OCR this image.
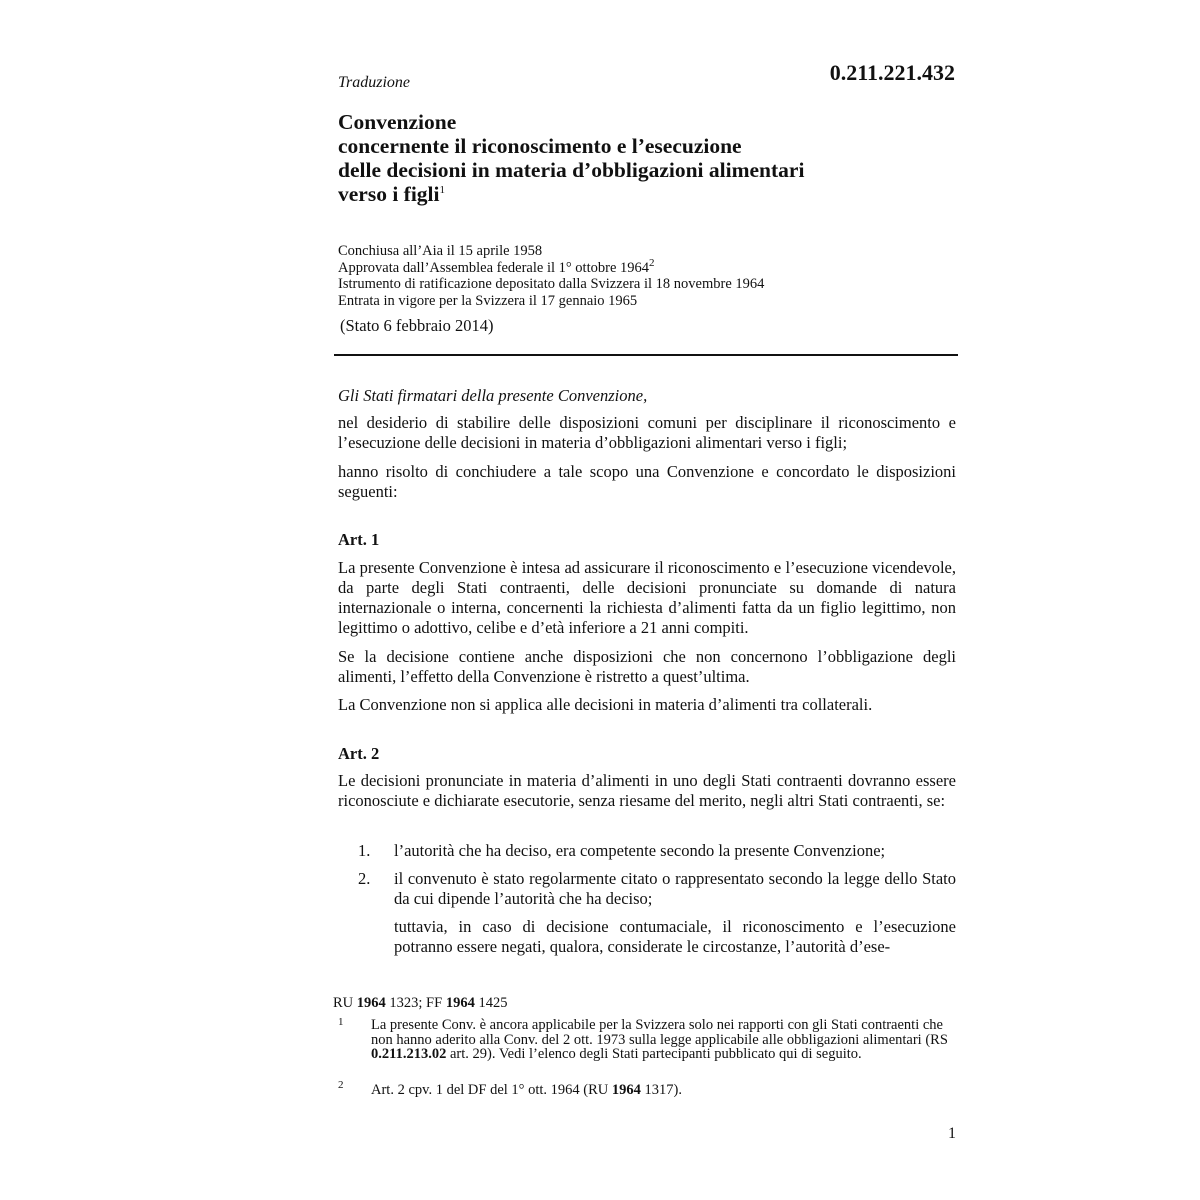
Traduzione	0.211.221.432
Convenzione
concernente il riconoscimento e l’esecuzione
delle decisioni in materia d’obbligazioni alimentari
verso i figli$^1$
Conchiusa all’Aia il 15 aprile 1958
Approvata dall’Assemblea federale il 1° ottobre 1964$^2$
Istrumento di ratificazione depositato dalla Svizzera il 18 novembre 1964
Entrata in vigore per la Svizzera il 17 gennaio 1965
(Stato 6 febbraio 2014)
Gli Stati firmatari della presente Convenzione,
nel desiderio di stabilire delle disposizioni comuni per disciplinare il riconoscimento e l’esecuzione delle decisioni in materia d’obbligazioni alimentari verso i figli;
hanno risolto di conchiudere a tale scopo una Convenzione e concordato le disposizioni seguenti:
Art. 1
La presente Convenzione è intesa ad assicurare il riconoscimento e l’esecuzione vicendevole, da parte degli Stati contraenti, delle decisioni pronunciate su domande di natura internazionale o interna, concernenti la richiesta d’alimenti fatta da un figlio legittimo, non legittimo o adottivo, celibe e d’età inferiore a 21 anni compiti.
Se la decisione contiene anche disposizioni che non concernono l’obbligazione degli alimenti, l’effetto della Convenzione è ristretto a quest’ultima.
La Convenzione non si applica alle decisioni in materia d’alimenti tra collaterali.
Art. 2
Le decisioni pronunciate in materia d’alimenti in uno degli Stati contraenti dovranno essere riconosciute e dichiarate esecutorie, senza riesame del merito, negli altri Stati contraenti, se:
1. l’autorità che ha deciso, era competente secondo la presente Convenzione;
2. il convenuto è stato regolarmente citato o rappresentato secondo la legge dello Stato da cui dipende l’autorità che ha deciso;
tuttavia, in caso di decisione contumaciale, il riconoscimento e l’esecuzione potranno essere negati, qualora, considerate le circostanze, l’autorità d’ese-
RU 1964 1323; FF 1964 1425
1 La presente Conv. è ancora applicabile per la Svizzera solo nei rapporti con gli Stati contraenti che non hanno aderito alla Conv. del 2 ott. 1973 sulla legge applicabile alle obbligazioni alimentari (RS 0.211.213.02 art. 29). Vedi l’elenco degli Stati partecipanti pubblicato qui di seguito.
2 Art. 2 cpv. 1 del DF del 1° ott. 1964 (RU 1964 1317).
1
